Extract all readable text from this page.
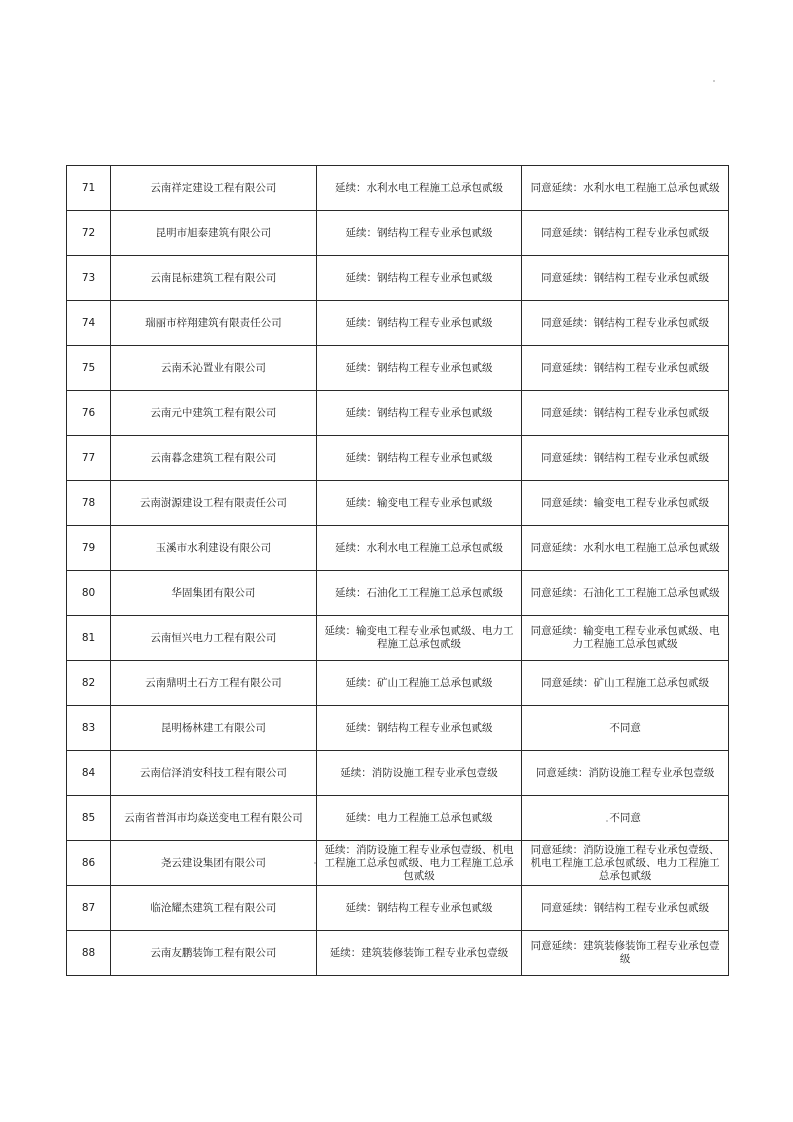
71	云南祥定建设工程有限公司	延续：水利水电工程施工总承包贰级	同意延续：水利水电工程施工总承包贰级
72	昆明市旭泰建筑有限公司	延续：钢结构工程专业承包贰级	同意延续：钢结构工程专业承包贰级
73	云南昆标建筑工程有限公司	延续：钢结构工程专业承包贰级	同意延续：钢结构工程专业承包贰级
74	瑞丽市梓翔建筑有限责任公司	延续：钢结构工程专业承包贰级	同意延续：钢结构工程专业承包贰级
75	云南禾沁置业有限公司	延续：钢结构工程专业承包贰级	同意延续：钢结构工程专业承包贰级
76	云南元中建筑工程有限公司	延续：钢结构工程专业承包贰级	同意延续：钢结构工程专业承包贰级
77	云南暮念建筑工程有限公司	延续：钢结构工程专业承包贰级	同意延续：钢结构工程专业承包贰级
78	云南澍源建设工程有限责任公司	延续：输变电工程专业承包贰级	同意延续：输变电工程专业承包贰级
79	玉溪市水利建设有限公司	延续：水利水电工程施工总承包贰级	同意延续：水利水电工程施工总承包贰级
80	华固集团有限公司	延续：石油化工工程施工总承包贰级	同意延续：石油化工工程施工总承包贰级
81	云南恒兴电力工程有限公司	延续：输变电工程专业承包贰级、电力工程施工总承包贰级	同意延续：输变电工程专业承包贰级、电力工程施工总承包贰级
82	云南鼎明土石方工程有限公司	延续：矿山工程施工总承包贰级	同意延续：矿山工程施工总承包贰级
83	昆明杨林建工有限公司	延续：钢结构工程专业承包贰级	不同意
84	云南信泽消安科技工程有限公司	延续：消防设施工程专业承包壹级	同意延续：消防设施工程专业承包壹级
85	云南省普洱市均焱送变电工程有限公司	延续：电力工程施工总承包贰级	不同意
86	尧云建设集团有限公司	延续：消防设施工程专业承包壹级、机电工程施工总承包贰级、电力工程施工总承包贰级	同意延续：消防设施工程专业承包壹级、机电工程施工总承包贰级、电力工程施工总承包贰级
87	临沧耀杰建筑工程有限公司	延续：钢结构工程专业承包贰级	同意延续：钢结构工程专业承包贰级
88	云南友鹏装饰工程有限公司	延续：建筑装修装饰工程专业承包壹级	同意延续：建筑装修装饰工程专业承包壹级
